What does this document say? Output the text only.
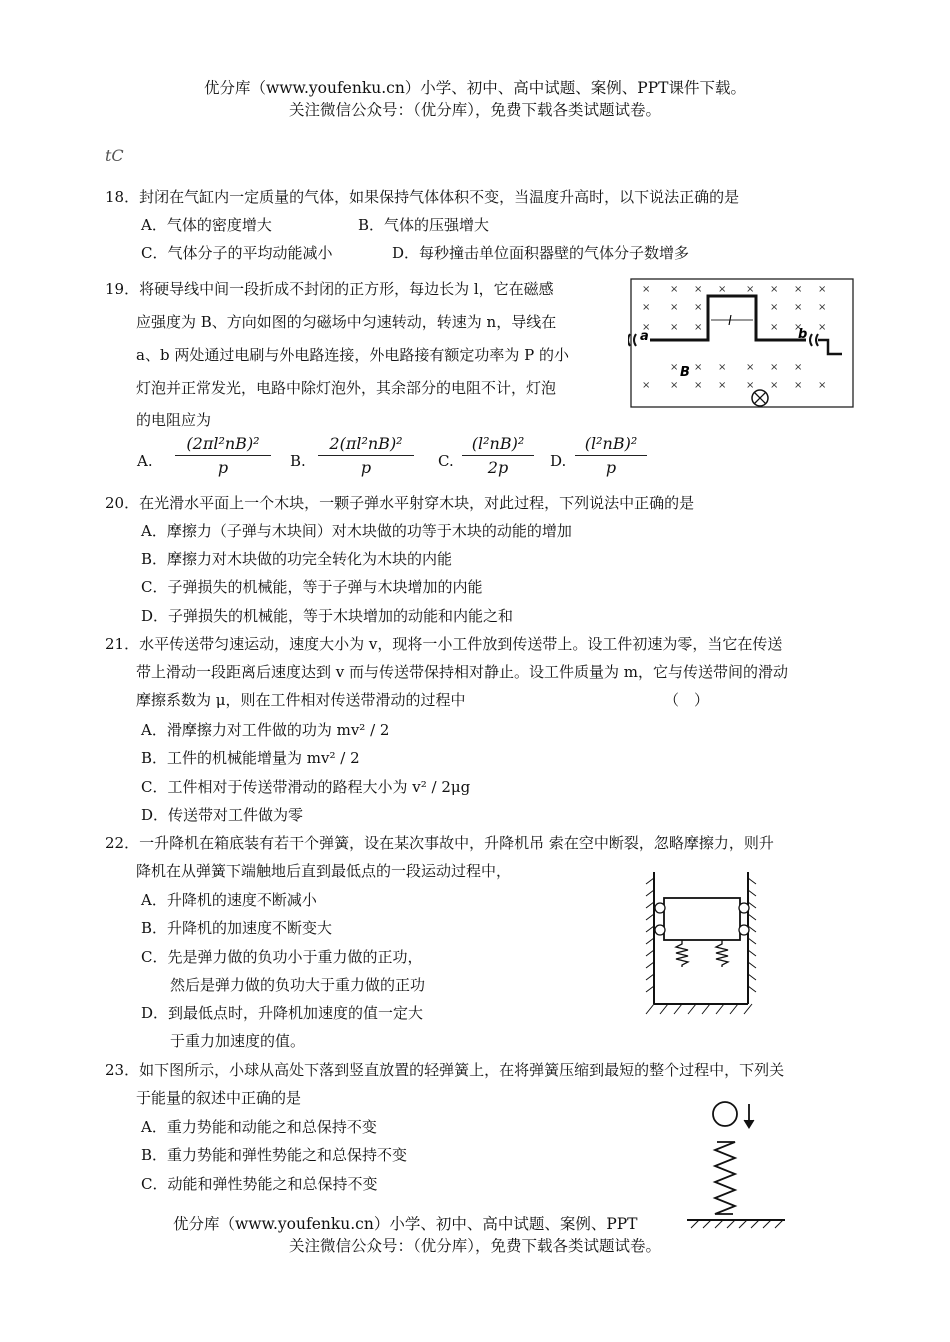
优分库（www.youfenku.cn）小学、初中、高中试题、案例、PPT课件下载。
关注微信公众号：（优分库），免费下载各类试题试卷。
tC
18．封闭在气缸内一定质量的气体，如果保持气体体积不变，当温度升高时，以下说法正确的是
A．气体的密度增大	B．气体的压强增大
C．气体分子的平均动能减小	D．每秒撞击单位面积器壁的气体分子数增多
19．将硬导线中间一段折成不封闭的正方形，每边长为 l，它在磁感
应强度为 B、方向如图的匀磁场中匀速转动，转速为 n，导线在
a、b 两处通过电刷与外电路连接，外电路接有额定功率为 P 的小
灯泡并正常发光，电路中除灯泡外，其余部分的电阻不计，灯泡
的电阻应为
A. $\frac{\text{(2πl²nB)²}}{p} B$. $\frac{\text{2(πl²nB)²}}{p} C$. $\frac{\text{(l²nB)²}}{2p} D$. $\frac{\text{(l²nB)²}}{p}$
× × × × × × × ×
× × ×	× × ×
× × ×	× × ×
× × × × × ×
× × × × × × × ×
l
a	b
B
20．在光滑水平面上一个木块，一颗子弹水平射穿木块，对此过程，下列说法中正确的是
A．摩擦力（子弹与木块间）对木块做的功等于木块的动能的增加
B．摩擦力对木块做的功完全转化为木块的内能
C．子弹损失的机械能，等于子弹与木块增加的内能
D．子弹损失的机械能，等于木块增加的动能和内能之和
21．水平传送带匀速运动，速度大小为 v，现将一小工件放到传送带上。设工件初速为零，当它在传送
带上滑动一段距离后速度达到 v 而与传送带保持相对静止。设工件质量为 m，它与传送带间的滑动
摩擦系数为 μ，则在工件相对传送带滑动的过程中	（　）
A．滑摩擦力对工件做的功为 mv² / 2
B．工件的机械能增量为 mv² / 2
C．工件相对于传送带滑动的路程大小为 v² / 2μg
D．传送带对工件做为零
22．一升降机在箱底装有若干个弹簧，设在某次事故中，升降机吊 索在空中断裂，忽略摩擦力，则升
降机在从弹簧下端触地后直到最低点的一段运动过程中，
A．升降机的速度不断减小
B．升降机的加速度不断变大
C．先是弹力做的负功小于重力做的正功，
然后是弹力做的负功大于重力做的正功
D．到最低点时，升降机加速度的值一定大
于重力加速度的值。
23．如下图所示，小球从高处下落到竖直放置的轻弹簧上，在将弹簧压缩到最短的整个过程中，下列关
于能量的叙述中正确的是
A．重力势能和动能之和总保持不变
B．重力势能和弹性势能之和总保持不变
C．动能和弹性势能之和总保持不变
优分库（www.youfenku.cn）小学、初中、高中试题、案例、PPT
关注微信公众号：（优分库），免费下载各类试题试卷。
